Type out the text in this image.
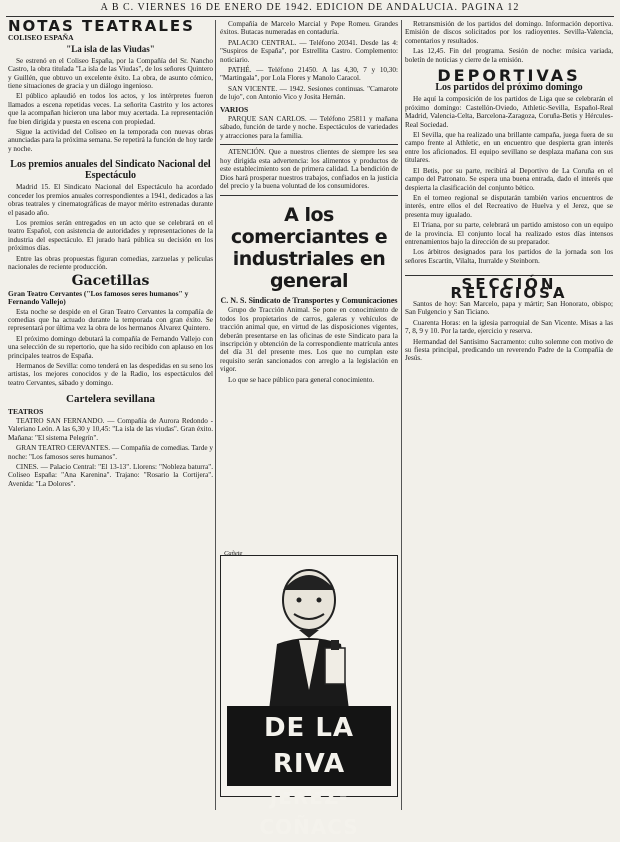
A B C. VIERNES 16 DE ENERO DE 1942. EDICION DE ANDALUCIA. PAGINA 12
NOTAS TEATRALES
COLISEO ESPAÑA
"La isla de las Viudas"

Se estrenó en el Coliseo España, por la Compañía del Sr. Nancho Castro, la obra titulada "La isla de las Viudas", de los señores Quintero y Guillén, que obtuvo un excelente éxito. La obra, de asunto cómico, tiene situaciones de gracia y un diálogo ingenioso.

El público aplaudió en todos los actos, y los intérpretes fueron llamados a escena repetidas veces. La señorita Castrito y los actores que la acompañan hicieron una labor muy acertada. La representación fue bien dirigida y puesta en escena con propiedad.

Sigue la actividad del Coliseo en la temporada con nuevas obras anunciadas para la próxima semana. Se repetirá la función de hoy tarde y noche.

Los premios anuales del Sindicato Nacional del Espectáculo

Madrid 15. El Sindicato Nacional del Espectáculo ha acordado conceder los premios anuales correspondientes a 1941, dedicados a las obras teatrales y cinematográficas de mayor mérito estrenadas durante el pasado año.

Los premios serán entregados en un acto que se celebrará en el teatro Español, con asistencia de autoridades y representaciones de la industria del espectáculo. El jurado hará pública su decisión en los próximos días.

Entre las obras propuestas figuran comedias, zarzuelas y películas nacionales de reciente producción.

Gacetillas
Gran Teatro Cervantes ("Los famosos seres humanos" y Fernando Vallejo)

Esta noche se despide en el Gran Teatro Cervantes la compañía de comedias que ha actuado durante la temporada con gran éxito. Se representará por última vez la obra de los hermanos Álvarez Quintero.

El próximo domingo debutará la compañía de Fernando Vallejo con una selección de su repertorio, que ha sido recibido con aplauso en los principales teatros de España.

Hermanos de Sevilla: como tenderá en las despedidas en su seno los artistas, los mejores conocidos y de la Radio, los espectáculos del teatro Cervantes, sábado y domingo.

Cartelera sevillana
TEATROS

TEATRO SAN FERNANDO. — Compañía de Aurora Redondo - Valeriano León. A las 6,30 y 10,45: "La isla de las viudas". Gran éxito. Mañana: "El sistema Pelegrín".

GRAN TEATRO CERVANTES. — Compañía de comedias. Tarde y noche: "Los famosos seres humanos".

CINES. — Palacio Central: "El 13-13". Llorens: "Nobleza baturra". Coliseo España: "Ana Karenina". Trajano: "Rosario la Cortijera". Avenida: "La Dolores".

Compañía de Marcelo Marcial y Pepe Romeu. Grandes éxitos. Butacas numeradas en contaduría.

PALACIO CENTRAL. — Teléfono 20341. Desde las 4: "Suspiros de España", por Estrellita Castro. Complemento: noticiario.

PATHÉ. — Teléfono 21450. A las 4,30, 7 y 10,30: "Martingala", por Lola Flores y Manolo Caracol.

SAN VICENTE. — 1942. Sesiones continuas. "Camarote de lujo", con Antonio Vico y Josita Hernán.

VARIOS

PARQUE SAN CARLOS. — Teléfono 25811 y mañana sábado, función de tarde y noche. Espectáculos de variedades y atracciones para la familia.

ATENCIÓN. Que a nuestros clientes de siempre les sea hoy dirigida esta advertencia: los alimentos y productos de este establecimiento son de primera calidad. La bendición de Dios hará prosperar nuestros trabajos, confiados en la justicia del precio y la buena voluntad de los consumidores.

A los comerciantes e industriales en general
C. N. S. Sindicato de Transportes y Comunicaciones

Grupo de Tracción Animal. Se pone en conocimiento de todos los propietarios de carros, galeras y vehículos de tracción animal que, en virtud de las disposiciones vigentes, deberán presentarse en las oficinas de este Sindicato para la inscripción y obtención de la correspondiente matrícula antes del día 31 del presente mes. Los que no cumplan este requisito serán sancionados con arreglo a la legislación en vigor.

Lo que se hace público para general conocimiento.

DE LA RIVA
JEREZ-COÑACS
Cañete

Retransmisión de los partidos del domingo. Información deportiva. Emisión de discos solicitados por los radioyentes. Sevilla-Valencia, comentarios y resultados.

Las 12,45. Fin del programa. Sesión de noche: música variada, boletín de noticias y cierre de la emisión.

DEPORTIVAS
Los partidos del próximo domingo

He aquí la composición de los partidos de Liga que se celebrarán el próximo domingo: Castellón-Oviedo, Athletic-Sevilla, Español-Real Madrid, Valencia-Celta, Barcelona-Zaragoza, Coruña-Betis y Hércules-Real Sociedad.

El Sevilla, que ha realizado una brillante campaña, juega fuera de su campo frente al Athletic, en un encuentro que despierta gran interés entre los aficionados. El equipo sevillano se desplaza mañana con sus titulares.

El Betis, por su parte, recibirá al Deportivo de La Coruña en el campo del Patronato. Se espera una buena entrada, dado el interés que despierta la clasificación del conjunto bético.

En el torneo regional se disputarán también varios encuentros de interés, entre ellos el del Recreativo de Huelva y el Jerez, que se presenta muy igualado.

El Triana, por su parte, celebrará un partido amistoso con un equipo de la provincia. El conjunto local ha realizado estos días intensos entrenamientos bajo la dirección de su preparador.

Los árbitros designados para los partidos de la jornada son los señores Escartín, Vilalta, Iturralde y Steinborn.

SECCIÓN RELIGIOSA

Santos de hoy: San Marcelo, papa y mártir; San Honorato, obispo; San Fulgencio y San Ticiano.

Cuarenta Horas: en la iglesia parroquial de San Vicente. Misas a las 7, 8, 9 y 10. Por la tarde, ejercicio y reserva.

Hermandad del Santísimo Sacramento: culto solemne con motivo de su fiesta principal, predicando un reverendo Padre de la Compañía de Jesús.
